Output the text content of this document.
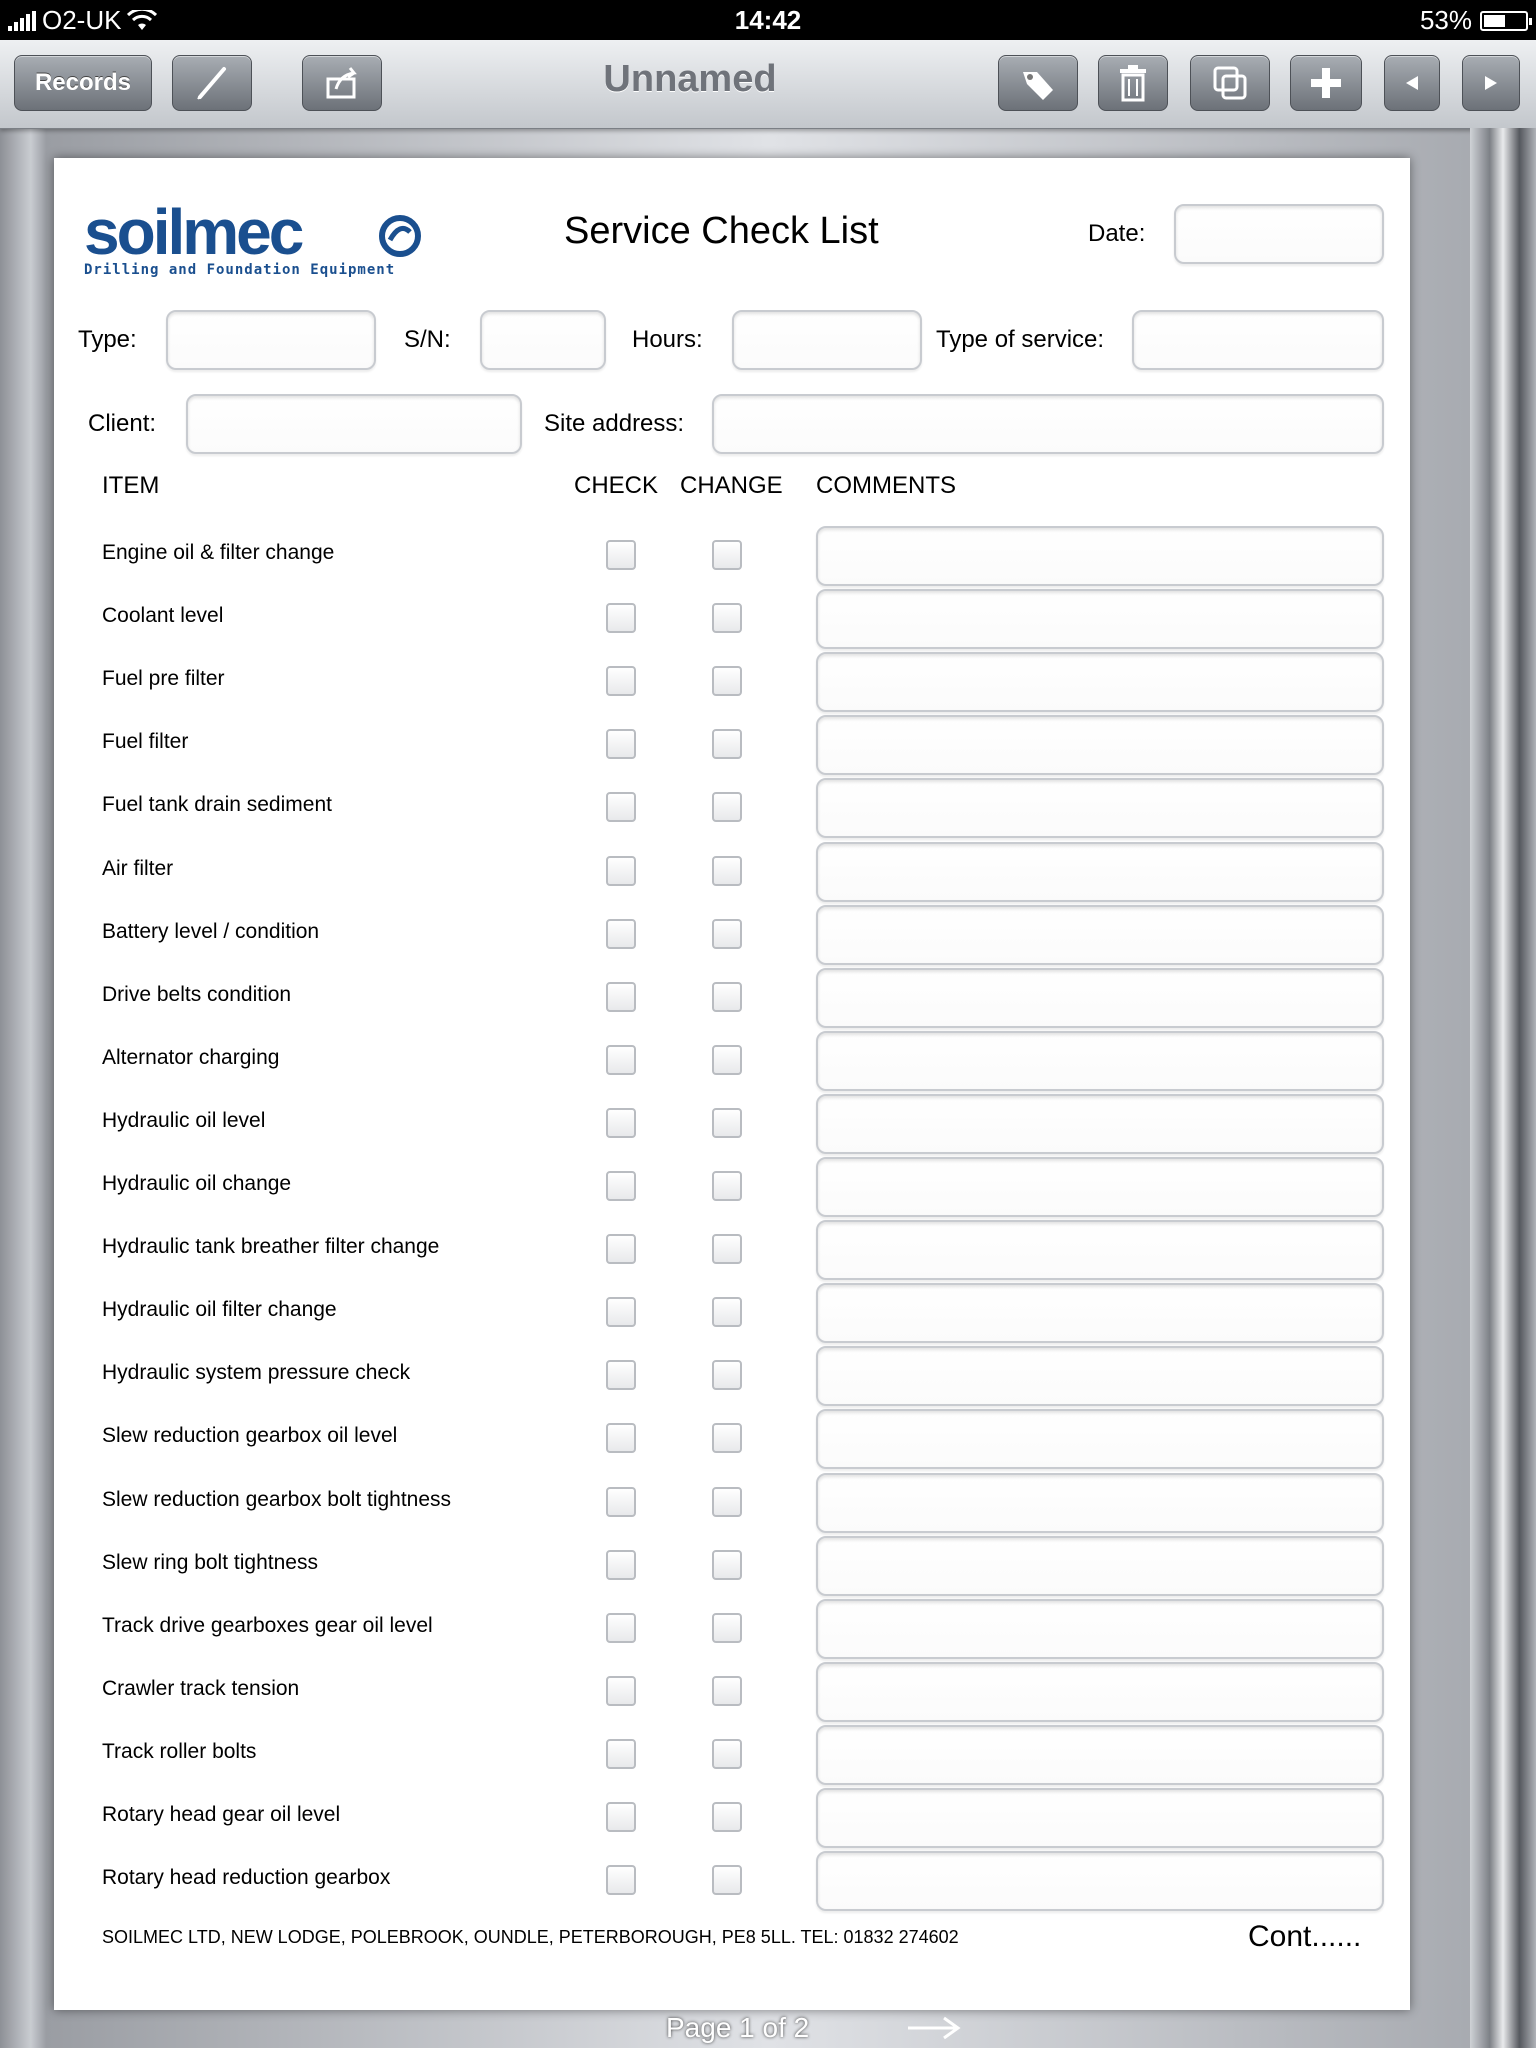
O2-UK	14:42	53%
Records	Unnamed
soilmec
Drilling and Foundation Equipment
Service Check List	Date:
Type:	S/N:	Hours:	Type of service:
Client:	Site address:
ITEM	CHECK CHANGE COMMENTS
Engine oil & filter change
Coolant level
Fuel pre filter
Fuel filter
Fuel tank drain sediment
Air filter
Battery level / condition
Drive belts condition
Alternator charging
Hydraulic oil level
Hydraulic oil change
Hydraulic tank breather filter change
Hydraulic oil filter change
Hydraulic system pressure check
Slew reduction gearbox oil level
Slew reduction gearbox bolt tightness
Slew ring bolt tightness
Track drive gearboxes gear oil level
Crawler track tension
Track roller bolts
Rotary head gear oil level
Rotary head reduction gearbox
SOILMEC LTD, NEW LODGE, POLEBROOK, OUNDLE, PETERBOROUGH, PE8 5LL. TEL: 01832 274602	Cont......
Page 1 of 2
